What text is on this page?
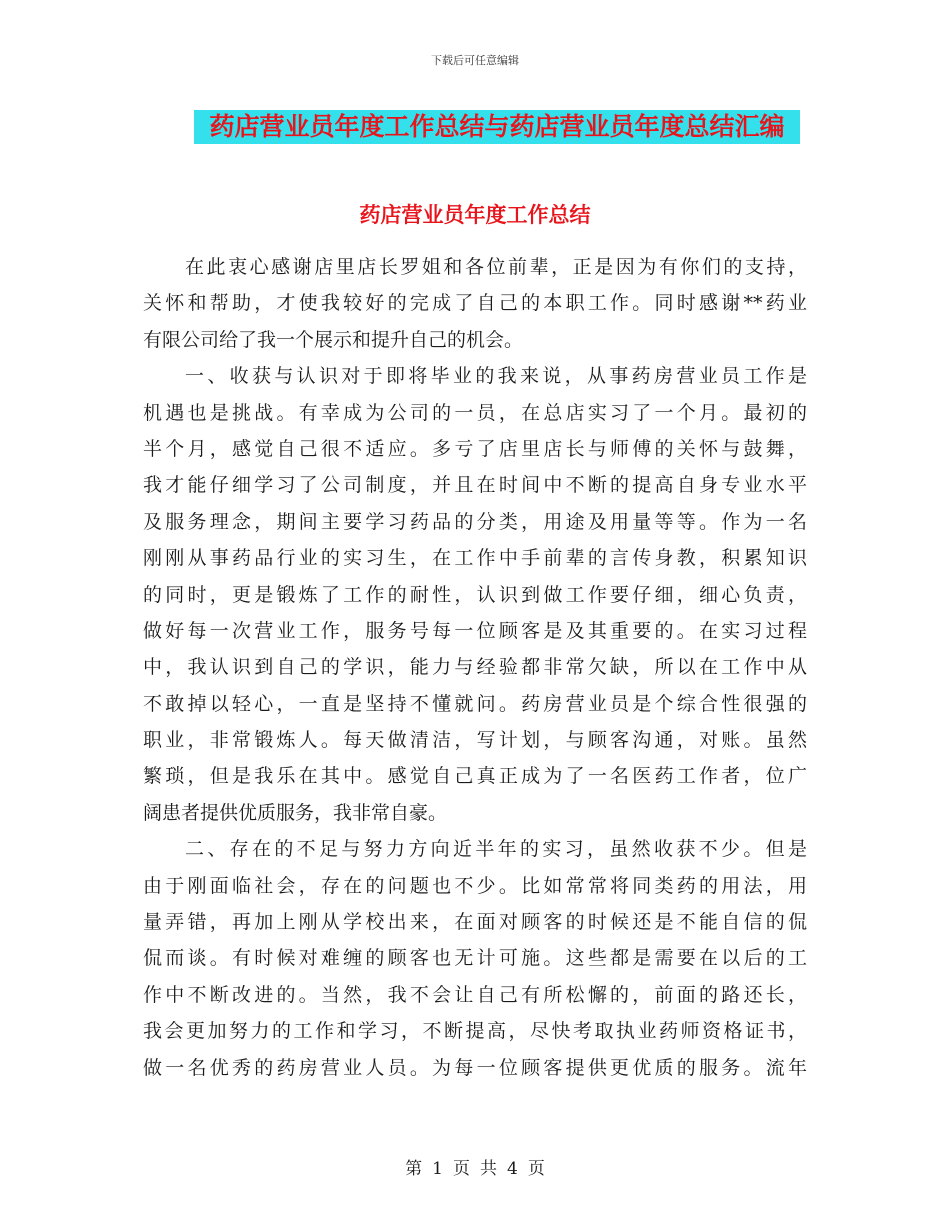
下载后可任意编辑
药店营业员年度工作总结与药店营业员年度总结汇编
药店营业员年度工作总结
在此衷心感谢店里店长罗姐和各位前辈，正是因为有你们的支持，
关怀和帮助，才使我较好的完成了自己的本职工作。同时感谢**药业
有限公司给了我一个展示和提升自己的机会。
一、收获与认识对于即将毕业的我来说，从事药房营业员工作是
机遇也是挑战。有幸成为公司的一员，在总店实习了一个月。最初的
半个月，感觉自己很不适应。多亏了店里店长与师傅的关怀与鼓舞，
我才能仔细学习了公司制度，并且在时间中不断的提高自身专业水平
及服务理念，期间主要学习药品的分类，用途及用量等等。作为一名
刚刚从事药品行业的实习生，在工作中手前辈的言传身教，积累知识
的同时，更是锻炼了工作的耐性，认识到做工作要仔细，细心负责，
做好每一次营业工作，服务号每一位顾客是及其重要的。在实习过程
中，我认识到自己的学识，能力与经验都非常欠缺，所以在工作中从
不敢掉以轻心，一直是坚持不懂就问。药房营业员是个综合性很强的
职业，非常锻炼人。每天做清洁，写计划，与顾客沟通，对账。虽然
繁琐，但是我乐在其中。感觉自己真正成为了一名医药工作者，位广
阔患者提供优质服务，我非常自豪。
二、存在的不足与努力方向近半年的实习，虽然收获不少。但是
由于刚面临社会，存在的问题也不少。比如常常将同类药的用法，用
量弄错，再加上刚从学校出来，在面对顾客的时候还是不能自信的侃
侃而谈。有时候对难缠的顾客也无计可施。这些都是需要在以后的工
作中不断改进的。当然，我不会让自己有所松懈的，前面的路还长，
我会更加努力的工作和学习，不断提高，尽快考取执业药师资格证书，
做一名优秀的药房营业人员。为每一位顾客提供更优质的服务。流年
第 1 页 共 4 页
